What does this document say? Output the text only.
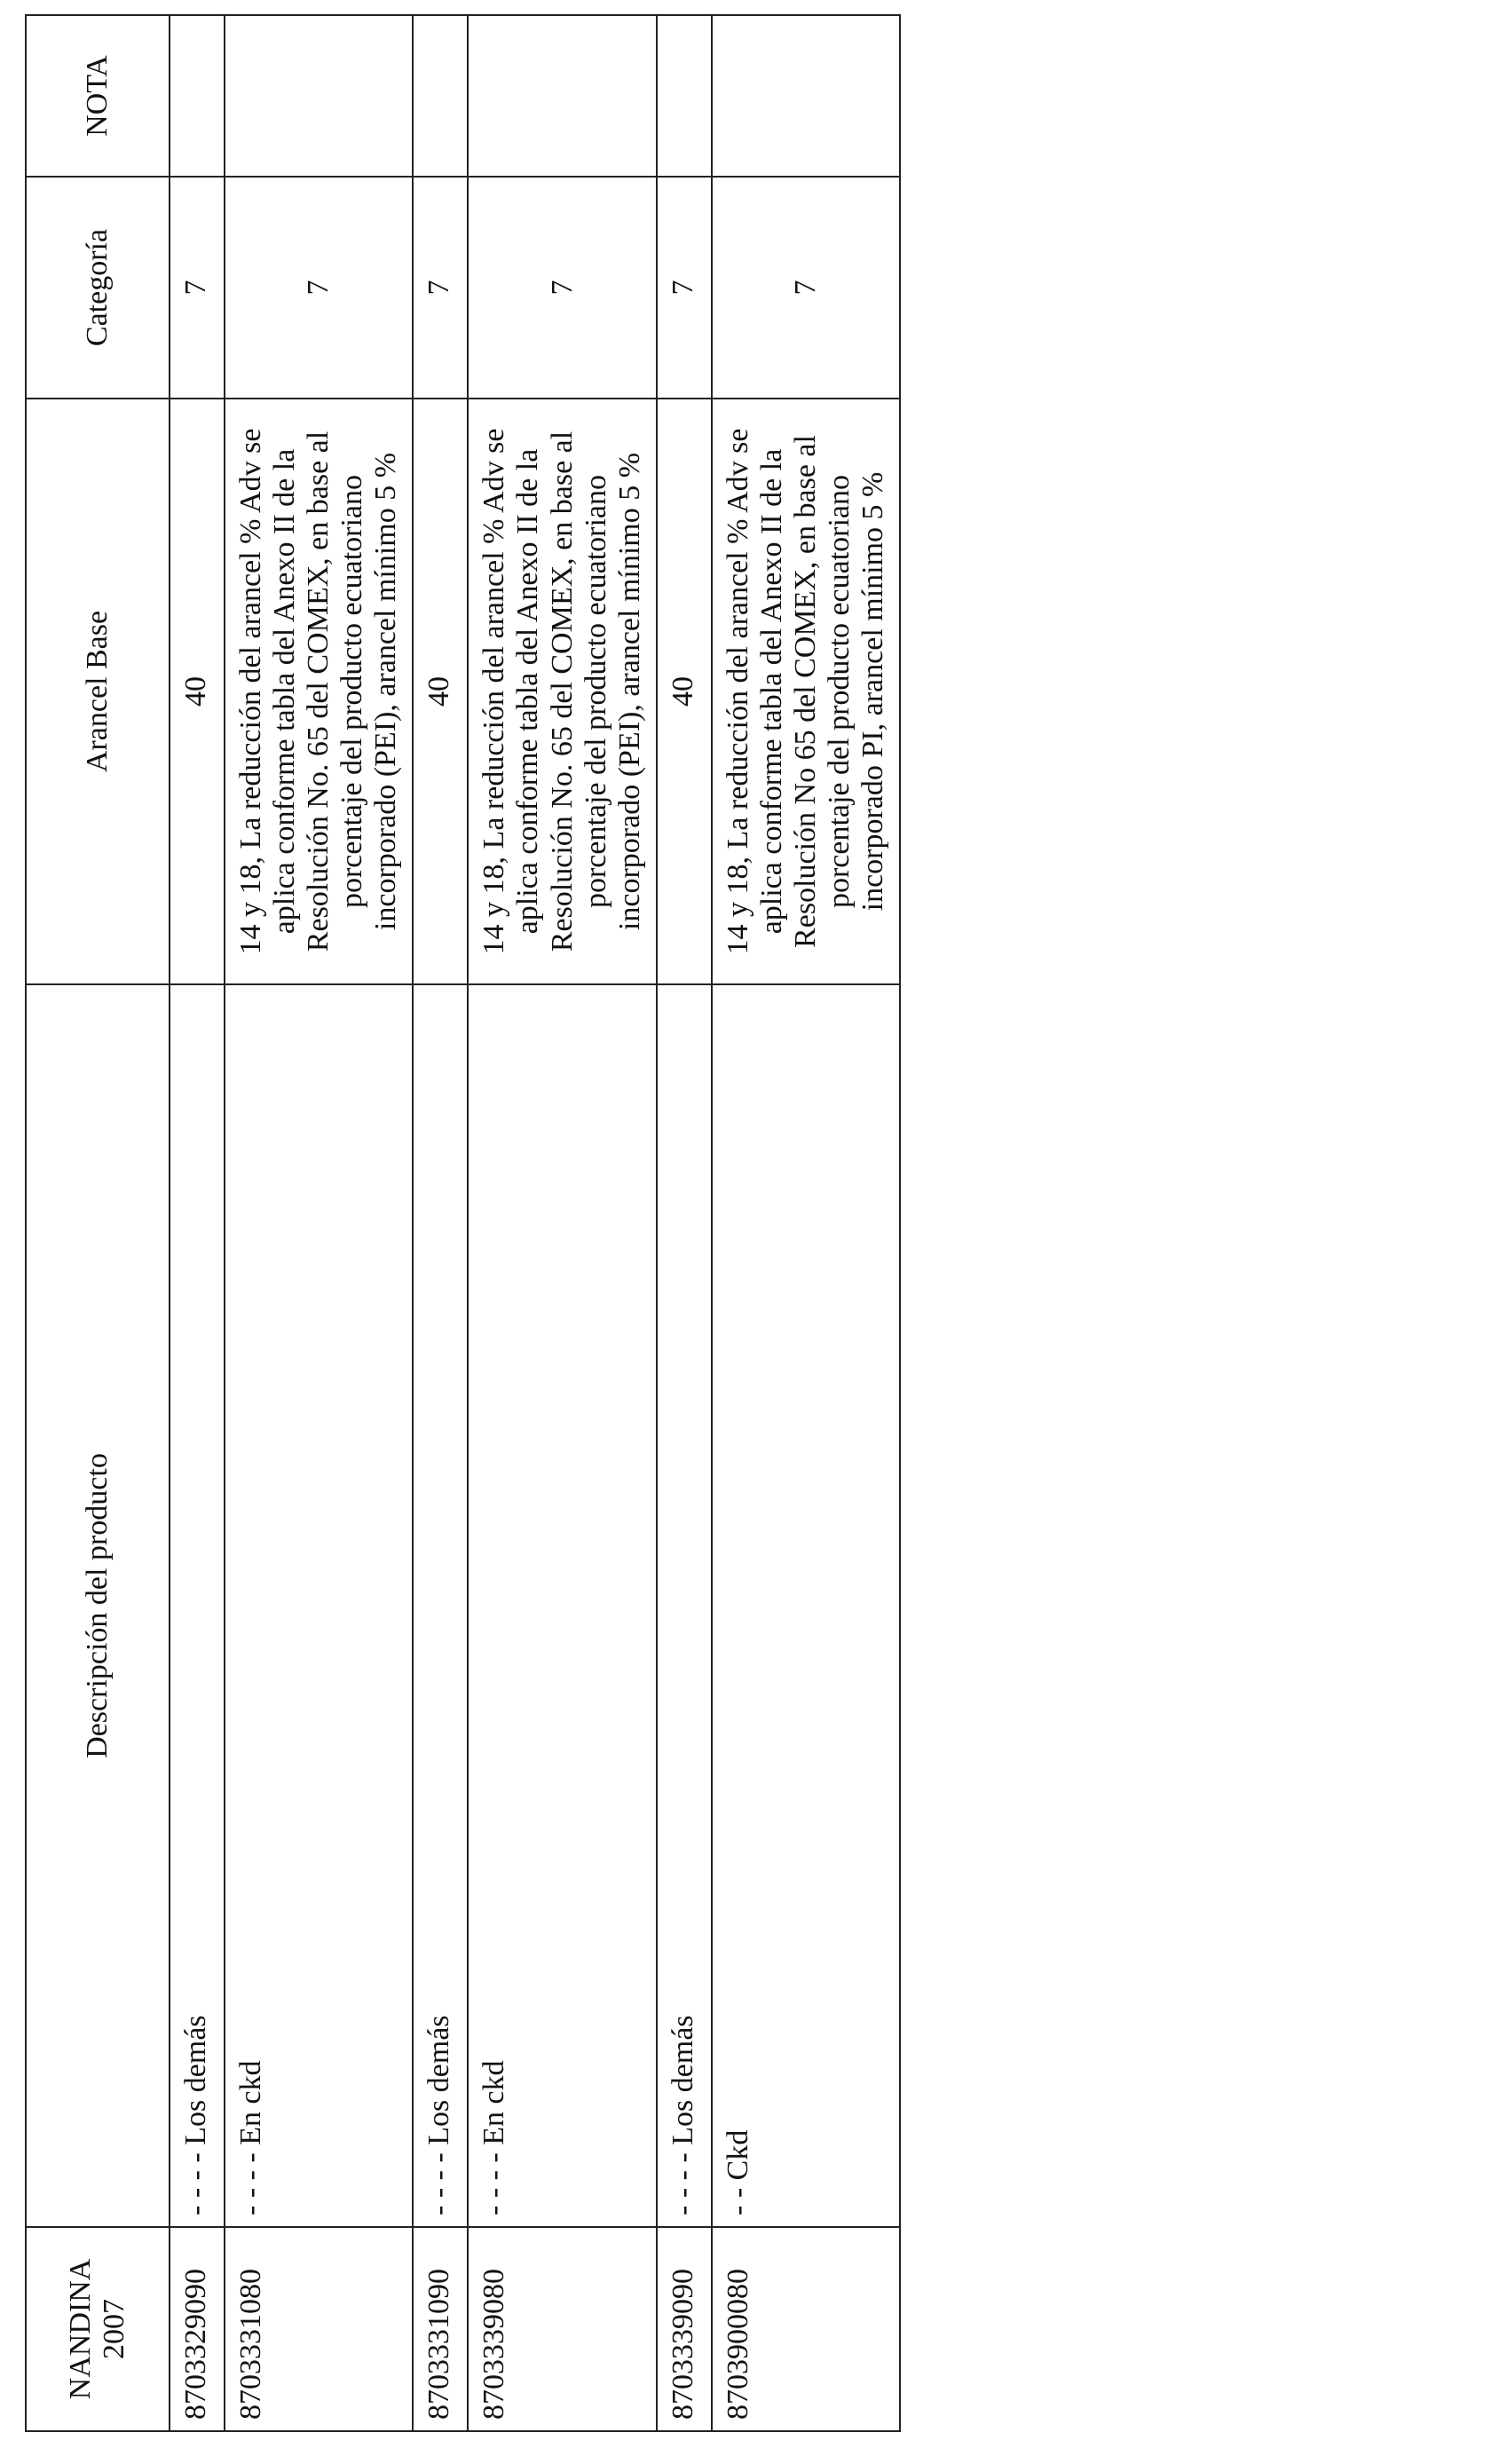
NANDINA
2007	Descripción del producto	Arancel Base	Categoría	NOTA
8703329090	- - - - Los demás	40	7	
8703331080	- - - - En ckd	14 y 18, La reducción del arancel % Adv se aplica conforme tabla del Anexo II de la Resolución No. 65 del COMEX, en base al porcentaje del producto ecuatoriano incorporado (PEI), arancel mínimo 5 %	7	
8703331090	- - - - Los demás	40	7	
8703339080	- - - - En ckd	14 y 18, La reducción del arancel % Adv se aplica conforme tabla del Anexo II de la Resolución No. 65 del COMEX, en base al porcentaje del producto ecuatoriano incorporado (PEI), arancel mínimo 5 %	7	
8703339090	- - - - Los demás	40	7	
8703900080	- - Ckd	14 y 18, La reducción del arancel % Adv se aplica conforme tabla del Anexo II de la Resolución No 65 del COMEX, en base al porcentaje del producto ecuatoriano incorporado PI, arancel mínimo 5 %	7	
